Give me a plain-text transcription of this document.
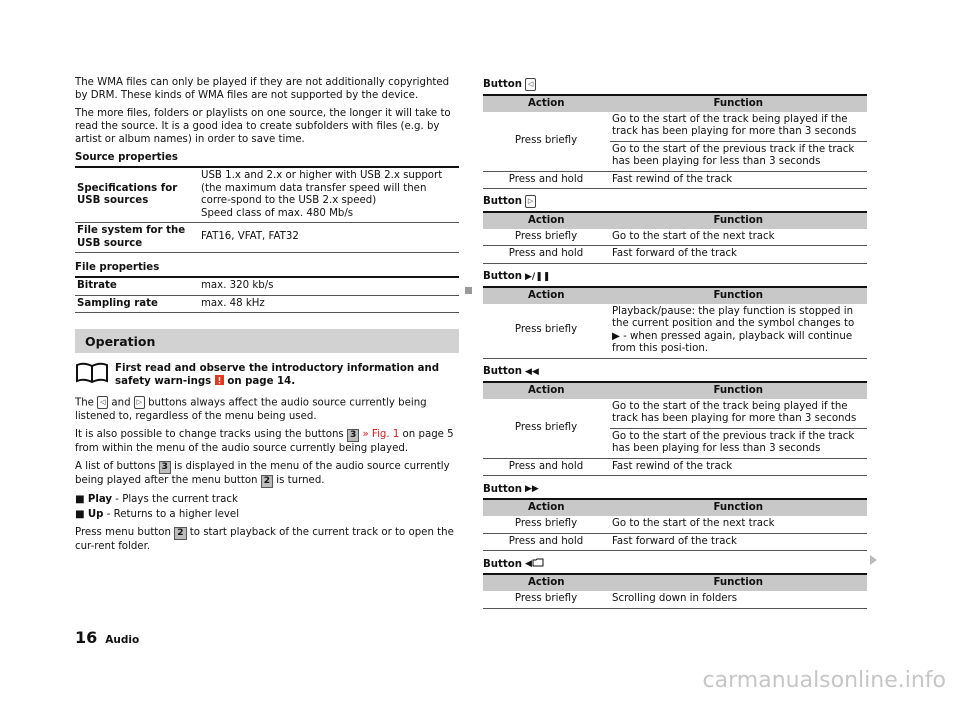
The WMA files can only be played if they are not additionally copyrighted by DRM. These kinds of WMA files are not supported by the device.

The more files, folders or playlists on one source, the longer it will take to read the source. It is a good idea to create subfolders with files (e.g. by artist or album names) in order to save time.

Source properties
Specifications for USB sources	USB 1.x and 2.x or higher with USB 2.x support
(the maximum data transfer speed will then corre-spond to the USB 2.x speed)
Speed class of max. 480 Mb/s

File system for the USB source	FAT16, VFAT, FAT32
File properties
Bitrate	max. 320 kb/s
Sampling rate	max. 48 kHz
Operation
First read and observe the introductory information and safety warn-ings  on page 14.

The ◁ and ▷ buttons always affect the audio source currently being listened to, regardless of the menu being used.

It is also possible to change tracks using the buttons 3 » Fig. 1 on page 5 from within the menu of the audio source currently being played.

A list of buttons 3 is displayed in the menu of the audio source currently being played after the menu button 2 is turned.

■ Play - Plays the current track
■ Up - Returns to a higher level

Press menu button 2 to start playback of the current track or to open the cur-rent folder.

Button ◁
Action	Function
Press briefly	Go to the start of the track being played if the track has been playing for more than 3 seconds
	Go to the start of the previous track if the track has been playing for less than 3 seconds
Press and hold	Fast rewind of the track
Button ▷
Action	Function
Press briefly	Go to the start of the next track
Press and hold	Fast forward of the track
Button ▶/❚❚
Action	Function
Press briefly	Playback/pause: the play function is stopped in the current position and the symbol changes to ▶ - when pressed again, playback will continue from this posi-tion.
Button ◀◀
Action	Function
Press briefly	Go to the start of the track being played if the track has been playing for more than 3 seconds
	Go to the start of the previous track if the track has been playing for less than 3 seconds
Press and hold	Fast rewind of the track
Button ▶▶
Action	Function
Press briefly	Go to the start of the next track
Press and hold	Fast forward of the track
Button ◀
Action	Function
Press briefly	Scrolling down in folders
16 Audio
carmanualsonline.info
